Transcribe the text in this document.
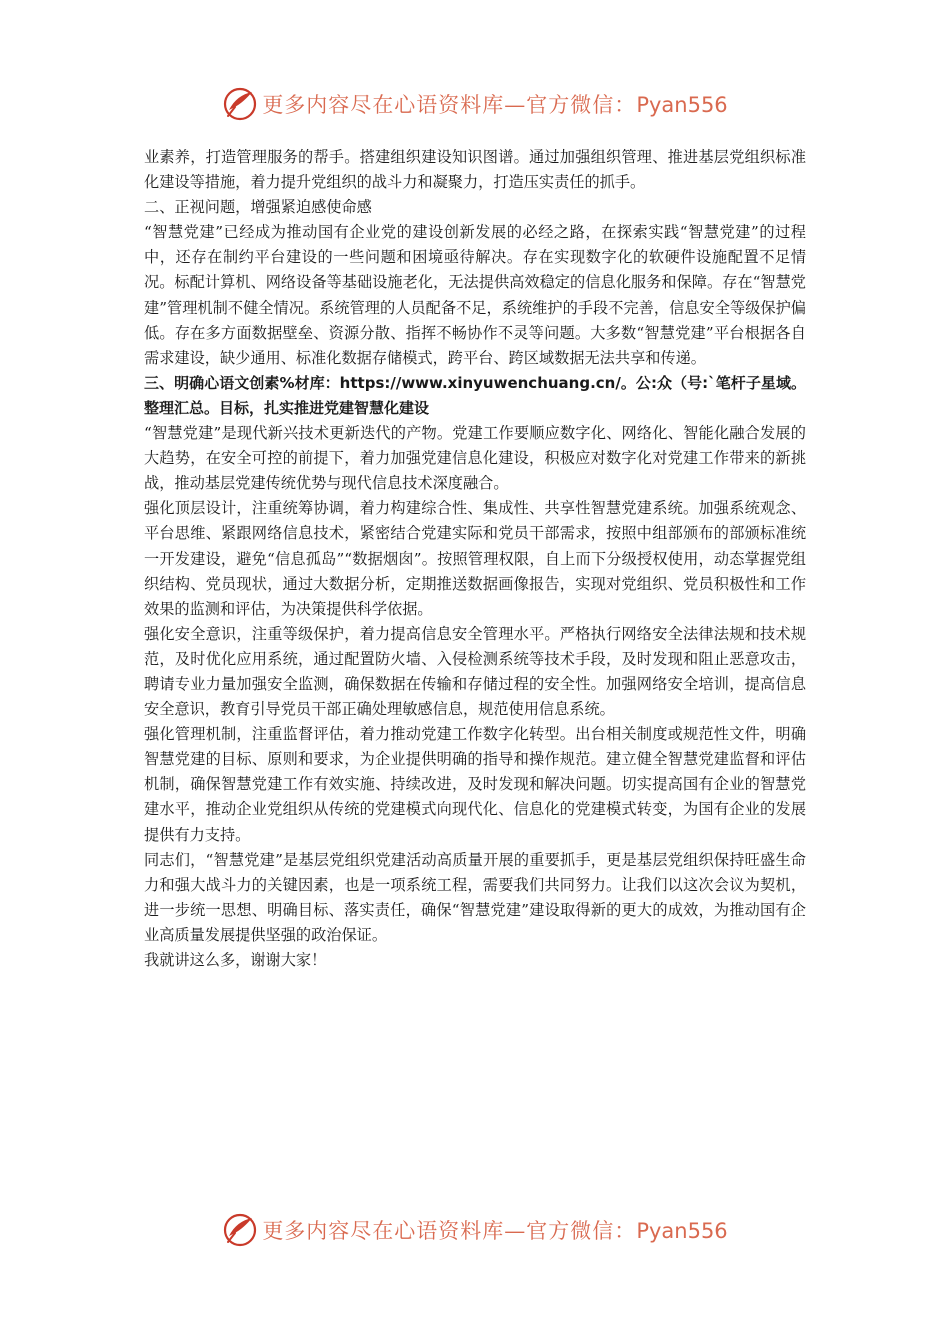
更多内容尽在心语资料库—官方微信：Pyan556

业素养，打造管理服务的帮手。搭建组织建设知识图谱。通过加强组织管理、推进基层党组织标准化建设等措施，着力提升党组织的战斗力和凝聚力，打造压实责任的抓手。

二、正视问题，增强紧迫感使命感

“智慧党建”已经成为推动国有企业党的建设创新发展的必经之路，在探索实践“智慧党建”的过程中，还存在制约平台建设的一些问题和困境亟待解决。存在实现数字化的软硬件设施配置不足情况。标配计算机、网络设备等基础设施老化，无法提供高效稳定的信息化服务和保障。存在“智慧党建”管理机制不健全情况。系统管理的人员配备不足，系统维护的手段不完善，信息安全等级保护偏低。存在多方面数据壁垒、资源分散、指挥不畅协作不灵等问题。大多数“智慧党建”平台根据各自需求建设，缺少通用、标准化数据存储模式，跨平台、跨区域数据无法共享和传递。

三、明确心语文创素%材库：https://www.xinyuwenchuang.cn/。公:众（号:`笔杆子星域。整理汇总。目标，扎实推进党建智慧化建设

“智慧党建”是现代新兴技术更新迭代的产物。党建工作要顺应数字化、网络化、智能化融合发展的大趋势，在安全可控的前提下，着力加强党建信息化建设，积极应对数字化对党建工作带来的新挑战，推动基层党建传统优势与现代信息技术深度融合。

强化顶层设计，注重统筹协调，着力构建综合性、集成性、共享性智慧党建系统。加强系统观念、平台思维、紧跟网络信息技术，紧密结合党建实际和党员干部需求，按照中组部颁布的部颁标准统一开发建设，避免“信息孤岛”“数据烟囱”。按照管理权限，自上而下分级授权使用，动态掌握党组织结构、党员现状，通过大数据分析，定期推送数据画像报告，实现对党组织、党员积极性和工作效果的监测和评估，为决策提供科学依据。

强化安全意识，注重等级保护，着力提高信息安全管理水平。严格执行网络安全法律法规和技术规范，及时优化应用系统，通过配置防火墙、入侵检测系统等技术手段，及时发现和阻止恶意攻击，聘请专业力量加强安全监测，确保数据在传输和存储过程的安全性。加强网络安全培训，提高信息安全意识，教育引导党员干部正确处理敏感信息，规范使用信息系统。

强化管理机制，注重监督评估，着力推动党建工作数字化转型。出台相关制度或规范性文件，明确智慧党建的目标、原则和要求，为企业提供明确的指导和操作规范。建立健全智慧党建监督和评估机制，确保智慧党建工作有效实施、持续改进，及时发现和解决问题。切实提高国有企业的智慧党建水平，推动企业党组织从传统的党建模式向现代化、信息化的党建模式转变，为国有企业的发展提供有力支持。

同志们，“智慧党建”是基层党组织党建活动高质量开展的重要抓手，更是基层党组织保持旺盛生命力和强大战斗力的关键因素，也是一项系统工程，需要我们共同努力。让我们以这次会议为契机，进一步统一思想、明确目标、落实责任，确保“智慧党建”建设取得新的更大的成效，为推动国有企业高质量发展提供坚强的政治保证。

我就讲这么多，谢谢大家！

更多内容尽在心语资料库—官方微信：Pyan556
